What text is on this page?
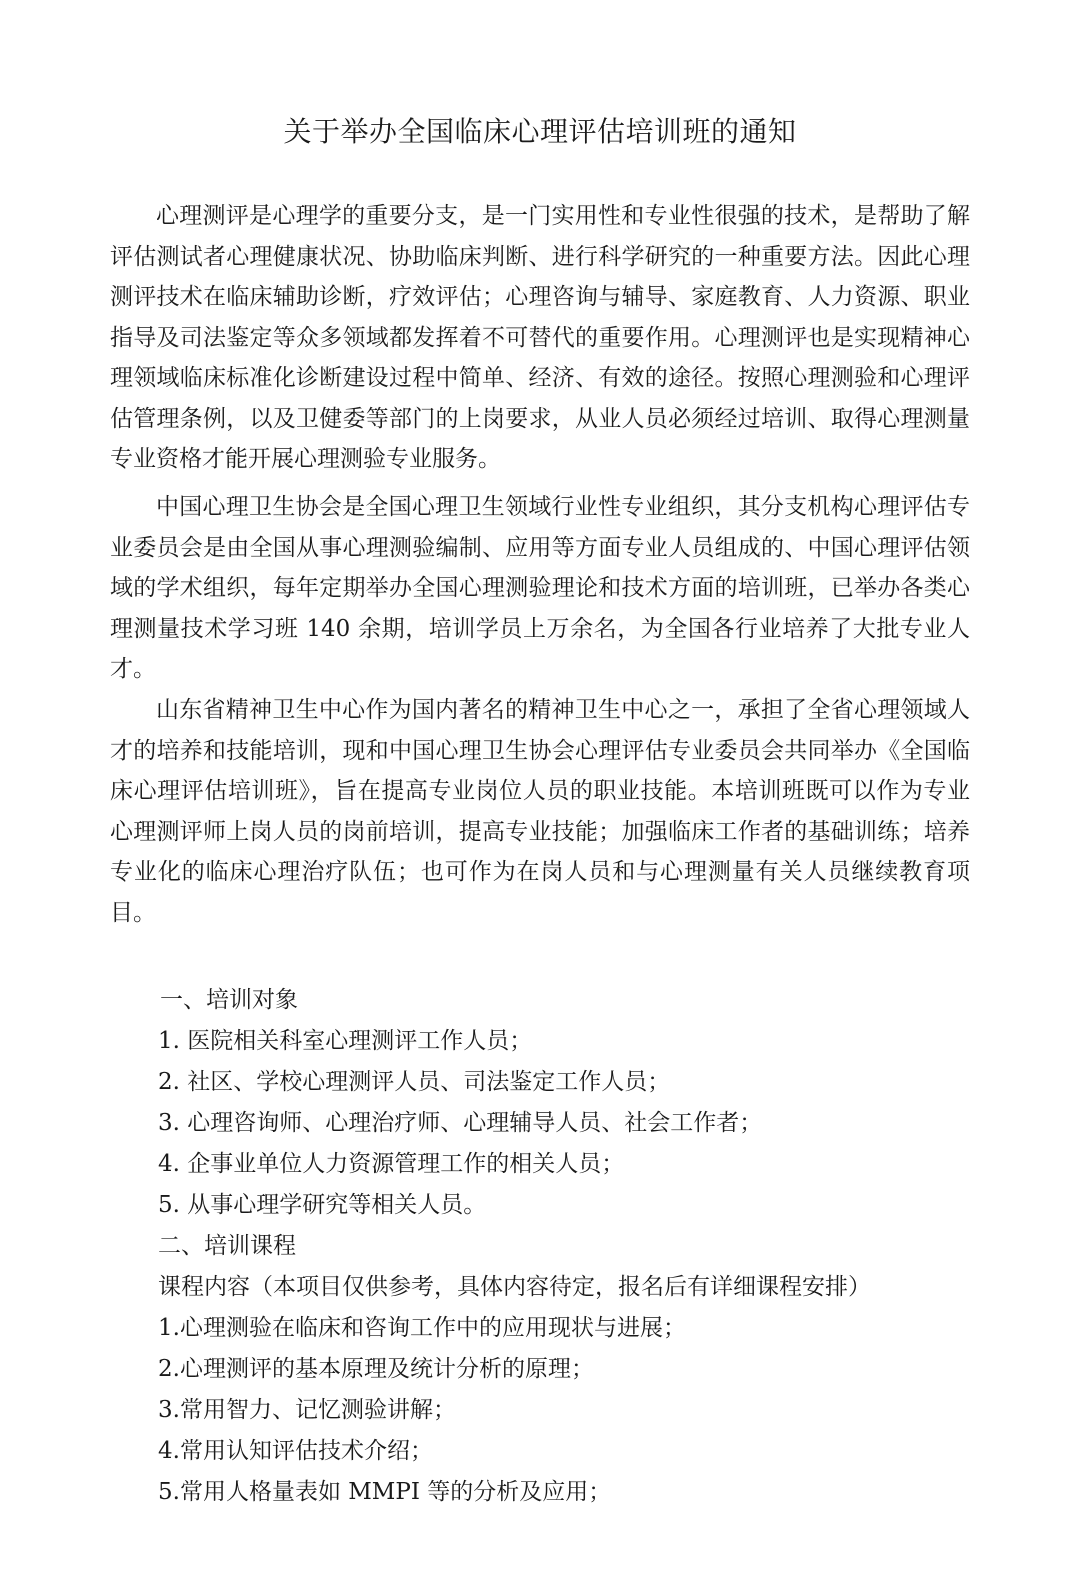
关于举办全国临床心理评估培训班的通知

心理测评是心理学的重要分支，是一门实用性和专业性很强的技术，是帮助了解评估测试者心理健康状况、协助临床判断、进行科学研究的一种重要方法。因此心理测评技术在临床辅助诊断，疗效评估；心理咨询与辅导、家庭教育、人力资源、职业指导及司法鉴定等众多领域都发挥着不可替代的重要作用。心理测评也是实现精神心理领域临床标准化诊断建设过程中简单、经济、有效的途径。按照心理测验和心理评估管理条例，以及卫健委等部门的上岗要求，从业人员必须经过培训、取得心理测量专业资格才能开展心理测验专业服务。

中国心理卫生协会是全国心理卫生领域行业性专业组织，其分支机构心理评估专业委员会是由全国从事心理测验编制、应用等方面专业人员组成的、中国心理评估领域的学术组织，每年定期举办全国心理测验理论和技术方面的培训班，已举办各类心理测量技术学习班 140 余期，培训学员上万余名，为全国各行业培养了大批专业人才。

山东省精神卫生中心作为国内著名的精神卫生中心之一，承担了全省心理领域人才的培养和技能培训，现和中国心理卫生协会心理评估专业委员会共同举办《全国临床心理评估培训班》，旨在提高专业岗位人员的职业技能。本培训班既可以作为专业心理测评师上岗人员的岗前培训，提高专业技能；加强临床工作者的基础训练；培养专业化的临床心理治疗队伍；也可作为在岗人员和与心理测量有关人员继续教育项目。

一、培训对象
1. 医院相关科室心理测评工作人员；
2. 社区、学校心理测评人员、司法鉴定工作人员；
3. 心理咨询师、心理治疗师、心理辅导人员、社会工作者；
4. 企事业单位人力资源管理工作的相关人员；
5. 从事心理学研究等相关人员。
二、培训课程
课程内容（本项目仅供参考，具体内容待定，报名后有详细课程安排）
1.心理测验在临床和咨询工作中的应用现状与进展；
2.心理测评的基本原理及统计分析的原理；
3.常用智力、记忆测验讲解；
4.常用认知评估技术介绍；
5.常用人格量表如 MMPI 等的分析及应用；
